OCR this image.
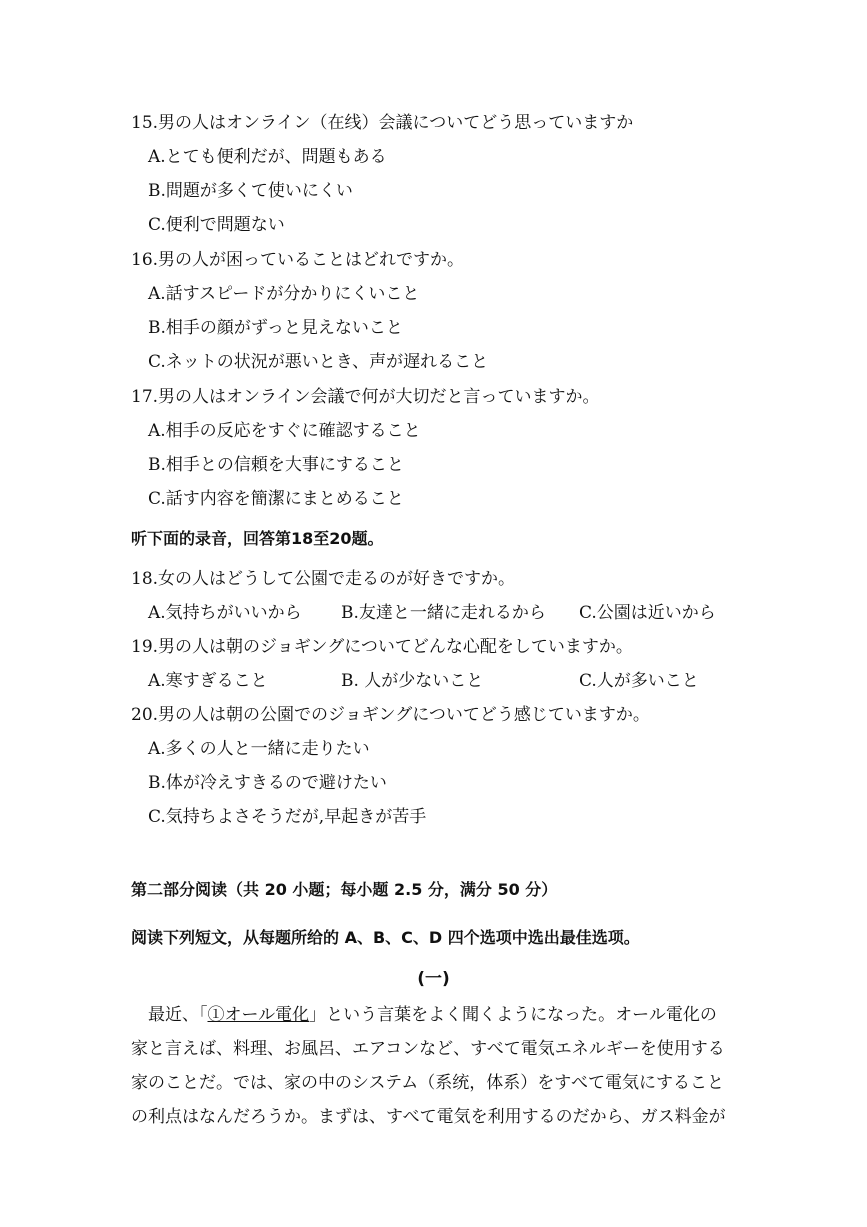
15.男の人はオンライン（在线）会議についてどう思っていますか
A.とても便利だが、問題もある
B.問題が多くて使いにくい
C.便利で問題ない
16.男の人が困っていることはどれですか。
A.話すスピードが分かりにくいこと
B.相手の顔がずっと見えないこと
C.ネットの状況が悪いとき、声が遅れること
17.男の人はオンライン会議で何が大切だと言っていますか。
A.相手の反応をすぐに確認すること
B.相手との信頼を大事にすること
C.話す内容を簡潔にまとめること
听下面的录音，回答第18至20题。
18.女の人はどうして公園で走るのが好きですか。
A.気持ちがいいから B.友達と一緒に走れるから C.公園は近いから
19.男の人は朝のジョギングについてどんな心配をしていますか。
A.寒すぎること	B. 人が少ないこと	C.人が多いこと
20.男の人は朝の公園でのジョギングについてどう感じていますか。
A.多くの人と一緒に走りたい
B.体が冷えすきるので避けたい
C.気持ちよさそうだが,早起きが苦手
第二部分阅读（共 20 小题；每小题 2.5 分，满分 50 分）
阅读下列短文，从每题所给的 A、B、C、D 四个选项中选出最佳选项。
(一)
　最近、「①オール電化」という言葉をよく聞くようになった。オール電化の
家と言えば、料理、お風呂、エアコンなど、すべて電気エネルギーを使用する
家のことだ。では、家の中のシステム（系统，体系）をすべて電気にすること
の利点はなんだろうか。まずは、すべて電気を利用するのだから、ガス料金が
